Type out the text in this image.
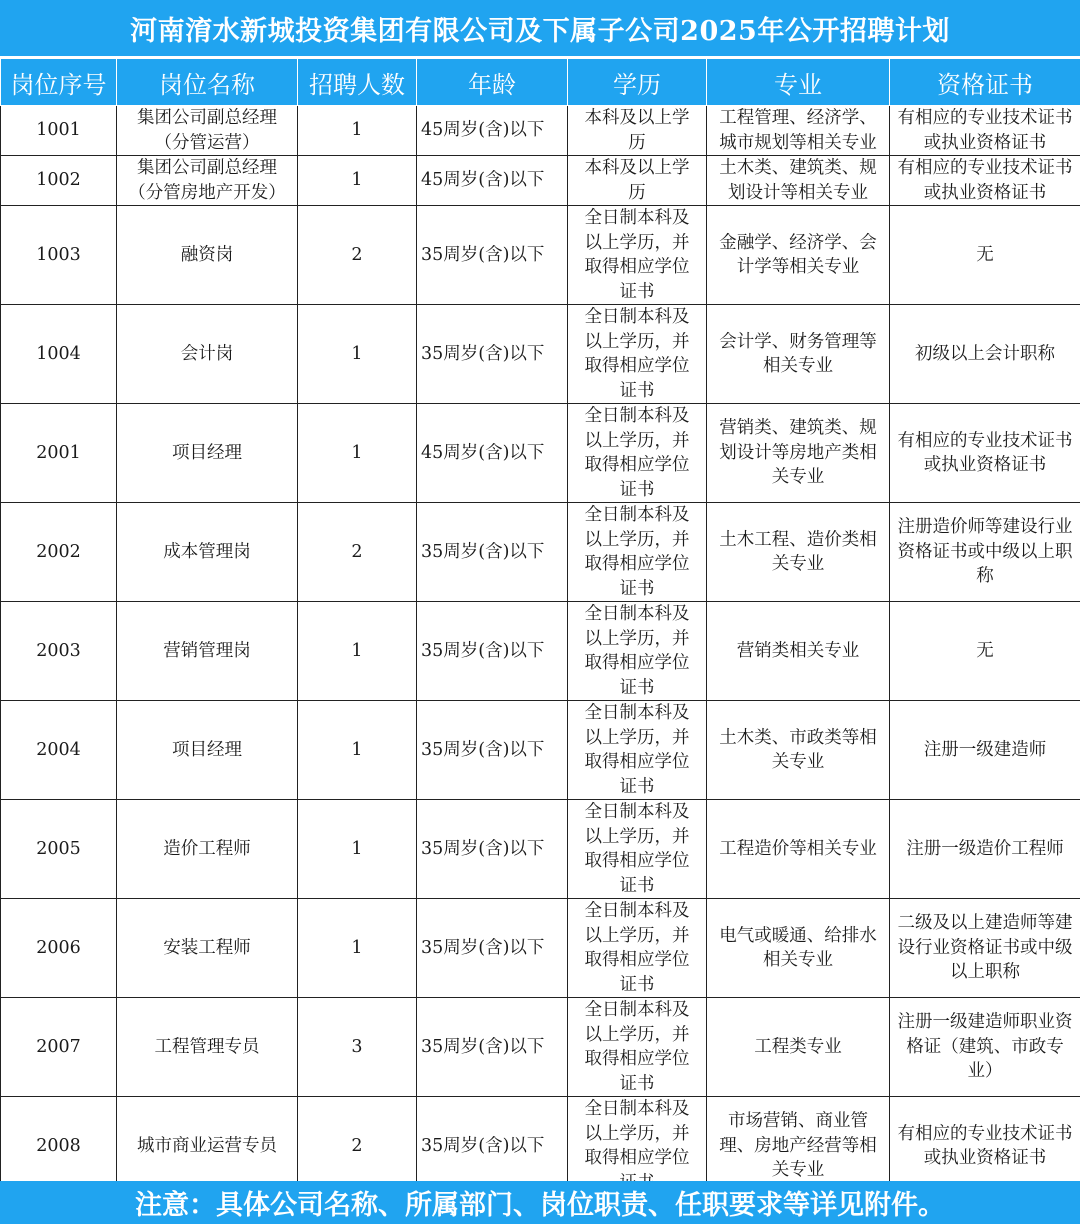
河南淯水新城投资集团有限公司及下属子公司2025年公开招聘计划
岗位序号	岗位名称	招聘人数	年龄	学历	专业	资格证书
1001	集团公司副总经理（分管运营）	1	45周岁(含)以下	本科及以上学历	工程管理、经济学、城市规划等相关专业	有相应的专业技术证书或执业资格证书
1002	集团公司副总经理（分管房地产开发）	1	45周岁(含)以下	本科及以上学历	土木类、建筑类、规划设计等相关专业	有相应的专业技术证书或执业资格证书
1003	融资岗	2	35周岁(含)以下	全日制本科及以上学历，并取得相应学位证书	金融学、经济学、会计学等相关专业	无
1004	会计岗	1	35周岁(含)以下	全日制本科及以上学历，并取得相应学位证书	会计学、财务管理等相关专业	初级以上会计职称
2001	项目经理	1	45周岁(含)以下	全日制本科及以上学历，并取得相应学位证书	营销类、建筑类、规划设计等房地产类相关专业	有相应的专业技术证书或执业资格证书
2002	成本管理岗	2	35周岁(含)以下	全日制本科及以上学历，并取得相应学位证书	土木工程、造价类相关专业	注册造价师等建设行业资格证书或中级以上职称
2003	营销管理岗	1	35周岁(含)以下	全日制本科及以上学历，并取得相应学位证书	营销类相关专业	无
2004	项目经理	1	35周岁(含)以下	全日制本科及以上学历，并取得相应学位证书	土木类、市政类等相关专业	注册一级建造师
2005	造价工程师	1	35周岁(含)以下	全日制本科及以上学历，并取得相应学位证书	工程造价等相关专业	注册一级造价工程师
2006	安装工程师	1	35周岁(含)以下	全日制本科及以上学历，并取得相应学位证书	电气或暖通、给排水相关专业	二级及以上建造师等建设行业资格证书或中级以上职称
2007	工程管理专员	3	35周岁(含)以下	全日制本科及以上学历，并取得相应学位证书	工程类专业	注册一级建造师职业资格证（建筑、市政专业）
2008	城市商业运营专员	2	35周岁(含)以下	全日制本科及以上学历，并取得相应学位	市场营销、商业管理、房地产经营等相关专业	有相应的专业技术证书或执业资格证书
注意：具体公司名称、所属部门、岗位职责、任职要求等详见附件。
